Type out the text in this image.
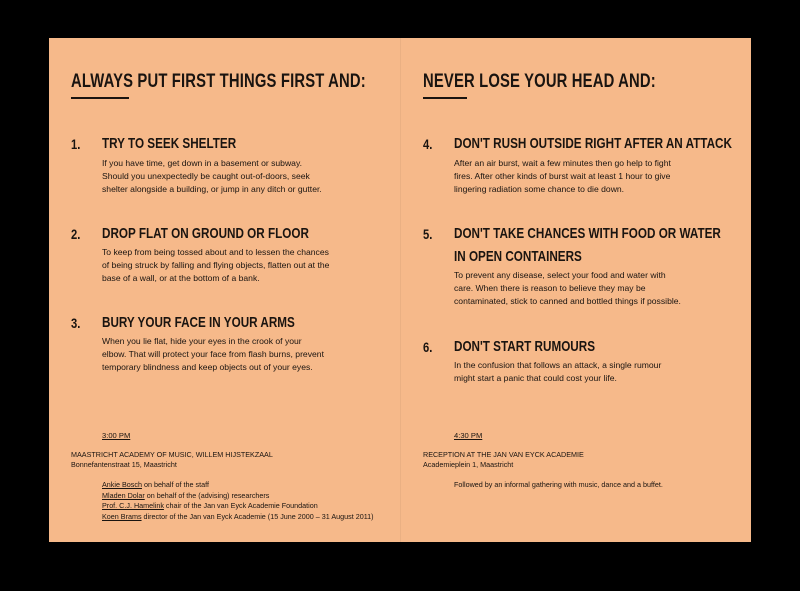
ALWAYS PUT FIRST THINGS FIRST AND:
1. TRY TO SEEK SHELTER
If you have time, get down in a basement or subway.
Should you unexpectedly be caught out-of-doors, seek
shelter alongside a building, or jump in any ditch or gutter.
2. DROP FLAT ON GROUND OR FLOOR
To keep from being tossed about and to lessen the chances
of being struck by falling and flying objects, flatten out at the
base of a wall, or at the bottom of a bank.
3. BURY YOUR FACE IN YOUR ARMS
When you lie flat, hide your eyes in the crook of your
elbow. That will protect your face from flash burns, prevent
temporary blindness and keep objects out of your eyes.
3:00 PM
MAASTRICHT ACADEMY OF MUSIC, WILLEM HIJSTEKZAAL
Bonnefantenstraat 15, Maastricht
Ankie Bosch on behalf of the staff
Mladen Dolar on behalf of the (advising) researchers
Prof. C.J. Hamelink chair of the Jan van Eyck Academie Foundation
Koen Brams director of the Jan van Eyck Academie (15 June 2000 – 31 August 2011)
NEVER LOSE YOUR HEAD AND:
4. DON'T RUSH OUTSIDE RIGHT AFTER AN ATTACK
After an air burst, wait a few minutes then go help to fight
fires. After other kinds of burst wait at least 1 hour to give
lingering radiation some chance to die down.
5. DON'T TAKE CHANCES WITH FOOD OR WATER
IN OPEN CONTAINERS
To prevent any disease, select your food and water with
care. When there is reason to believe they may be
contaminated, stick to canned and bottled things if possible.
6. DON'T START RUMOURS
In the confusion that follows an attack, a single rumour
might start a panic that could cost your life.
4:30 PM
RECEPTION AT THE JAN VAN EYCK ACADEMIE
Academieplein 1, Maastricht
Followed by an informal gathering with music, dance and a buffet.
